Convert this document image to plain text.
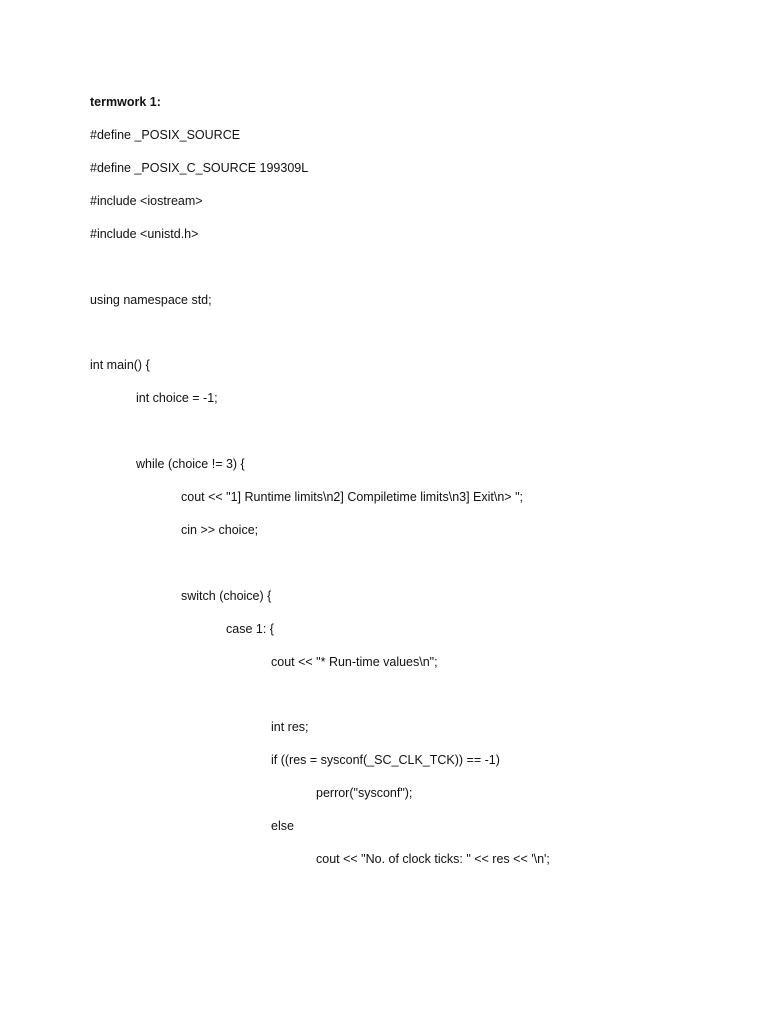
termwork 1:
#define _POSIX_SOURCE
#define _POSIX_C_SOURCE 199309L
#include <iostream>
#include <unistd.h>
using namespace std;
int main() {
int choice = -1;
while (choice != 3) {
cout << "1] Runtime limits\n2] Compiletime limits\n3] Exit\n> ";
cin >> choice;
switch (choice) {
case 1: {
cout << "* Run-time values\n";
int res;
if ((res = sysconf(_SC_CLK_TCK)) == -1)
perror("sysconf");
else
cout << "No. of clock ticks: " << res << '\n';
